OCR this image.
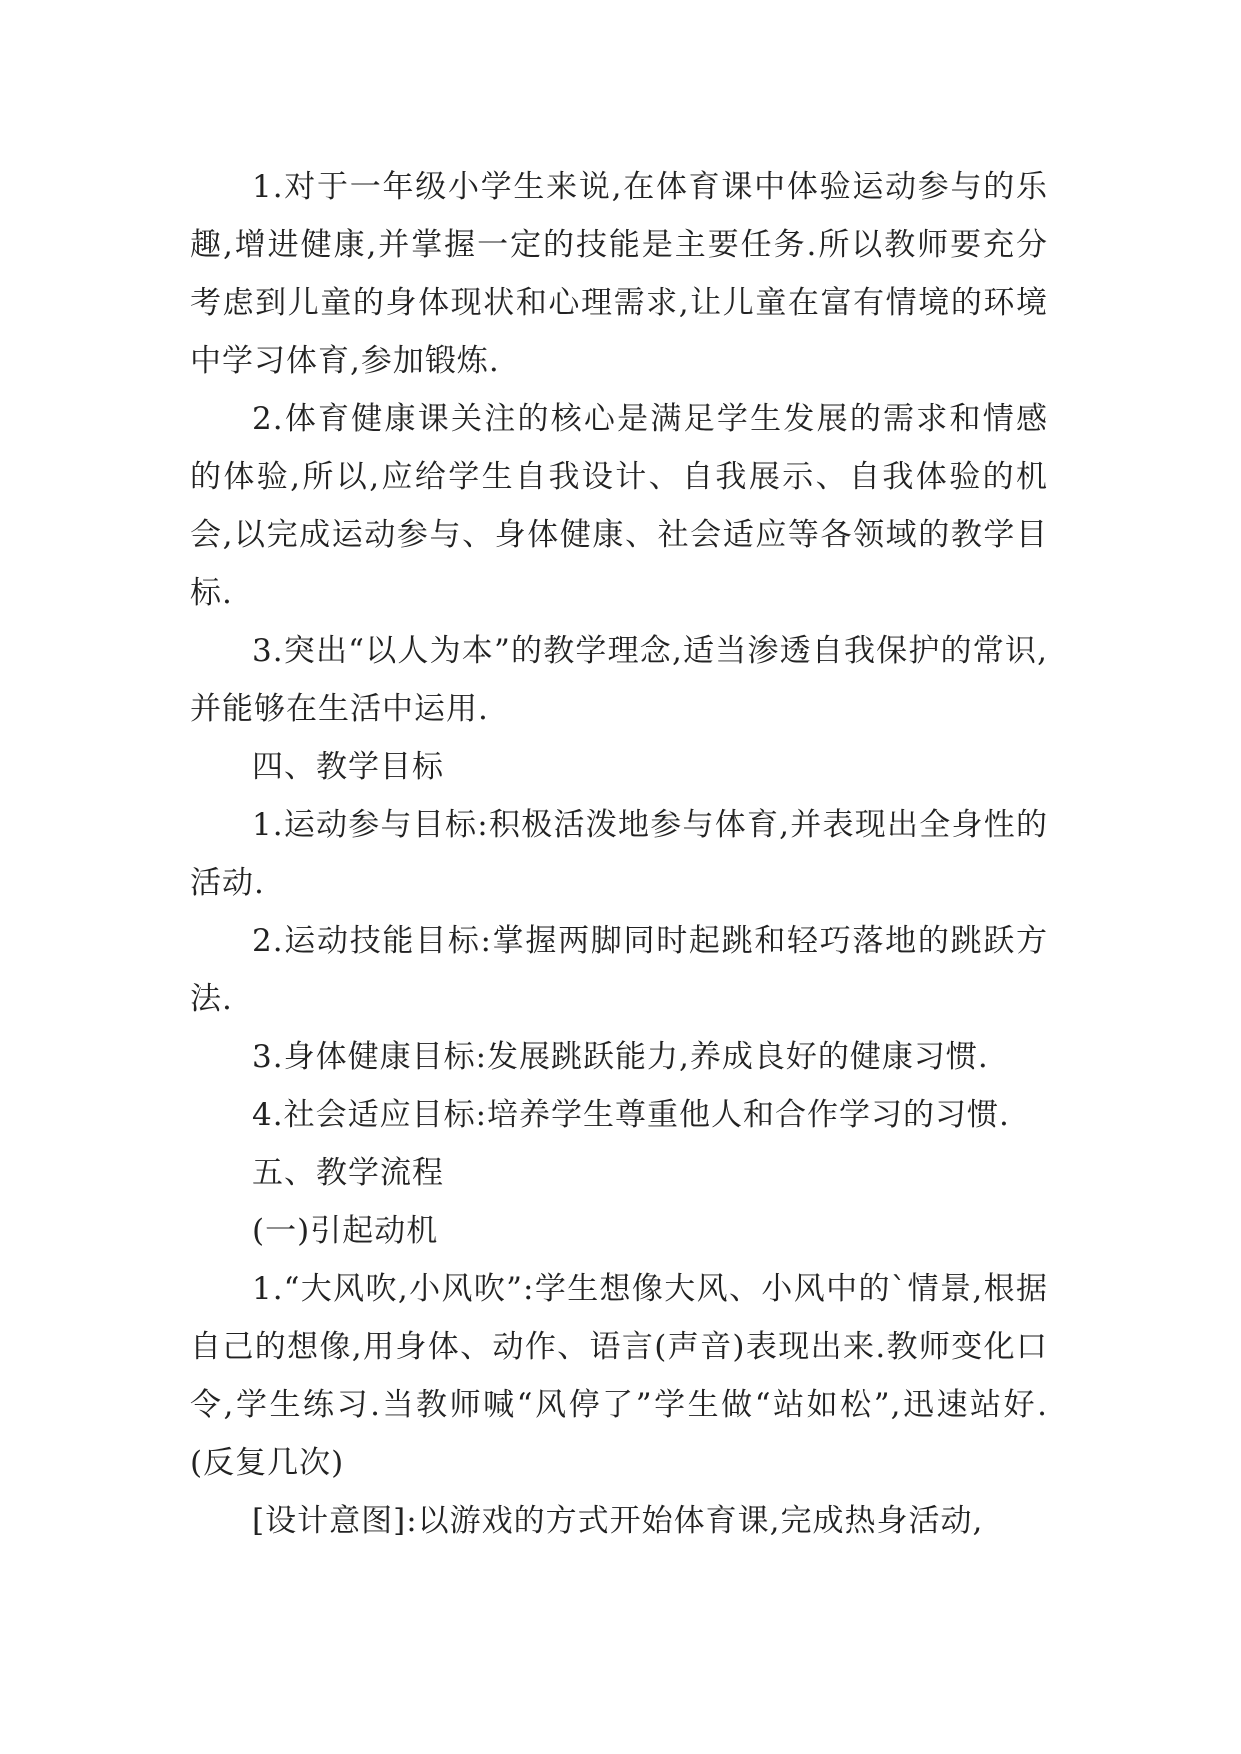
1.对于一年级小学生来说,在体育课中体验运动参与的乐趣,增进健康,并掌握一定的技能是主要任务.所以教师要充分考虑到儿童的身体现状和心理需求,让儿童在富有情境的环境中学习体育,参加锻炼.

2.体育健康课关注的核心是满足学生发展的需求和情感的体验,所以,应给学生自我设计、自我展示、自我体验的机会,以完成运动参与、身体健康、社会适应等各领域的教学目标.

3.突出“以人为本”的教学理念,适当渗透自我保护的常识,并能够在生活中运用.

四、教学目标

1.运动参与目标:积极活泼地参与体育,并表现出全身性的活动.

2.运动技能目标:掌握两脚同时起跳和轻巧落地的跳跃方法.

3.身体健康目标:发展跳跃能力,养成良好的健康习惯.

4.社会适应目标:培养学生尊重他人和合作学习的习惯.

五、教学流程

(一)引起动机

1.“大风吹,小风吹”:学生想像大风、小风中的`情景,根据自己的想像,用身体、动作、语言(声音)表现出来.教师变化口令,学生练习.当教师喊“风停了”学生做“站如松”,迅速站好.(反复几次)

[设计意图]:以游戏的方式开始体育课,完成热身活动,
